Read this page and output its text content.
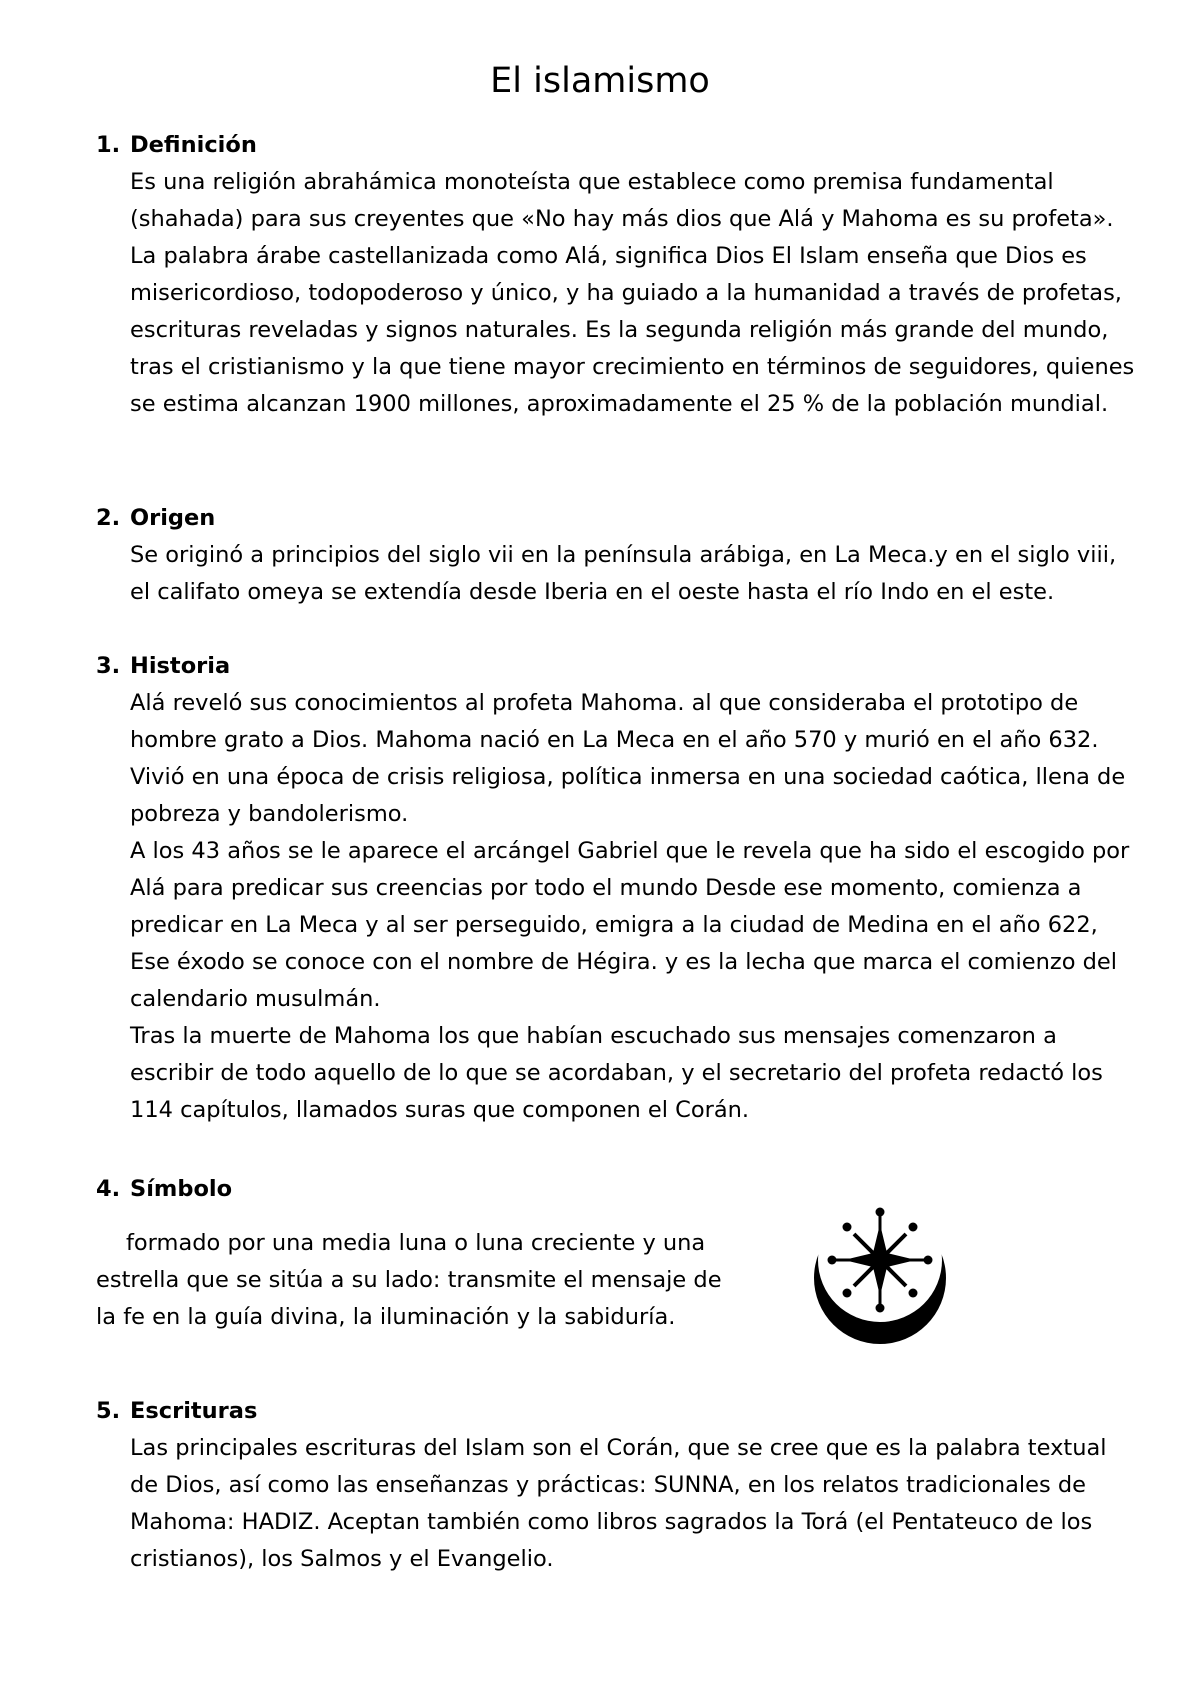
El islamismo
1. Definición

Es una religión abrahámica monoteísta que establece como premisa fundamental (shahada) para sus creyentes que «No hay más dios que Alá y Mahoma es su profeta». La palabra árabe castellanizada como Alá, significa Dios El Islam enseña que Dios es misericordioso, todopoderoso y único, y ha guiado a la humanidad a través de profetas, escrituras reveladas y signos naturales. Es la segunda religión más grande del mundo, tras el cristianismo y la que tiene mayor crecimiento en términos de seguidores, quienes se estima alcanzan 1900 millones, aproximadamente el 25 % de la población mundial.

2. Origen

Se originó a principios del siglo vii en la península arábiga, en La Meca.y en el siglo viii, el califato omeya se extendía desde Iberia en el oeste hasta el río Indo en el este.

3. Historia

Alá reveló sus conocimientos al profeta Mahoma. al que consideraba el prototipo de hombre grato a Dios. Mahoma nació en La Meca en el año 570 y murió en el año 632. Vivió en una época de crisis religiosa, política inmersa en una sociedad caótica, llena de pobreza y bandolerismo.

A los 43 años se le aparece el arcángel Gabriel que le revela que ha sido el escogido por Alá para predicar sus creencias por todo el mundo Desde ese momento, comienza a predicar en La Meca y al ser perseguido, emigra a la ciudad de Medina en el año 622, Ese éxodo se conoce con el nombre de Hégira. y es la lecha que marca el comienzo del calendario musulmán.

Tras la muerte de Mahoma los que habían escuchado sus mensajes comenzaron a escribir de todo aquello de lo que se acordaban, y el secretario del profeta redactó los 114 capítulos, llamados suras que componen el Corán.

4. Símbolo

formado por una media luna o luna creciente y una estrella que se sitúa a su lado: transmite el mensaje de la fe en la guía divina, la iluminación y la sabiduría.

5. Escrituras

Las principales escrituras del Islam son el Corán, que se cree que es la palabra textual de Dios, así como las enseñanzas y prácticas: SUNNA, en los relatos tradicionales de Mahoma: HADIZ. Aceptan también como libros sagrados la Torá (el Pentateuco de los cristianos), los Salmos y el Evangelio.
